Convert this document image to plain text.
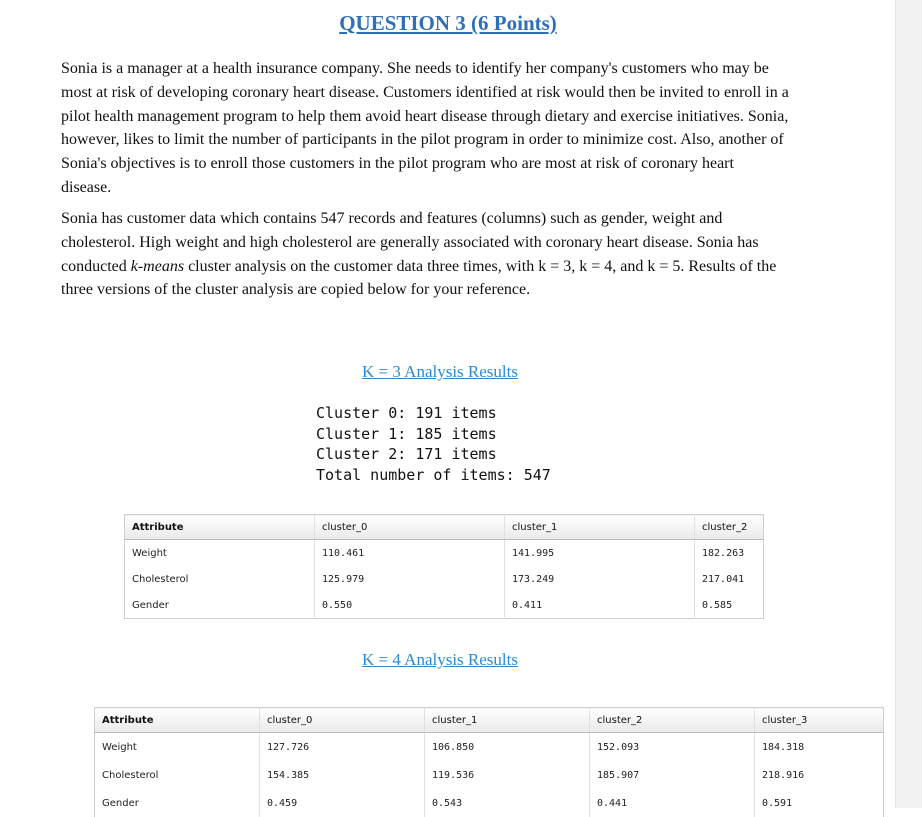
QUESTION 3 (6 Points)

Sonia is a manager at a health insurance company. She needs to identify her company's customers who may be
most at risk of developing coronary heart disease. Customers identified at risk would then be invited to enroll in a
pilot health management program to help them avoid heart disease through dietary and exercise initiatives. Sonia,
however, likes to limit the number of participants in the pilot program in order to minimize cost. Also, another of
Sonia's objectives is to enroll those customers in the pilot program who are most at risk of coronary heart
disease.

Sonia has customer data which contains 547 records and features (columns) such as gender, weight and
cholesterol. High weight and high cholesterol are generally associated with coronary heart disease. Sonia has
conducted k-means cluster analysis on the customer data three times, with k = 3, k = 4, and k = 5. Results of the
three versions of the cluster analysis are copied below for your reference.

K = 3 Analysis Results
Cluster 0: 191 items
Cluster 1: 185 items
Cluster 2: 171 items
Total number of items: 547
Attribute	cluster_0	cluster_1	cluster_2
Weight	110.461	141.995	182.263
Cholesterol	125.979	173.249	217.041
Gender	0.550	0.411	0.585
K = 4 Analysis Results
Attribute	cluster_0	cluster_1	cluster_2	cluster_3
Weight	127.726	106.850	152.093	184.318
Cholesterol	154.385	119.536	185.907	218.916
Gender	0.459	0.543	0.441	0.591
